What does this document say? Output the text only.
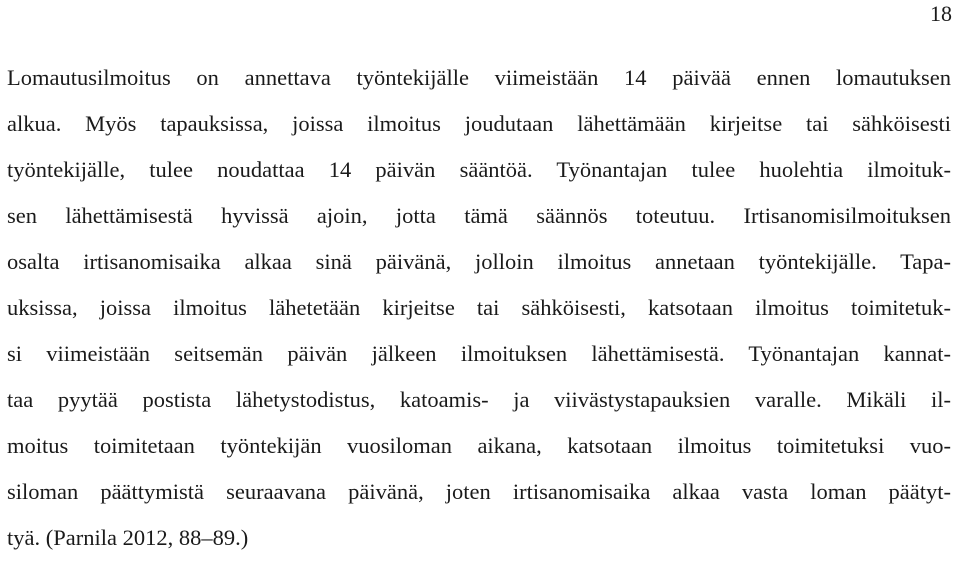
18

Lomautusilmoitus on annettava työntekijälle viimeistään 14 päivää ennen lomautuksen
alkua. Myös tapauksissa, joissa ilmoitus joudutaan lähettämään kirjeitse tai sähköisesti
työntekijälle, tulee noudattaa 14 päivän sääntöä. Työnantajan tulee huolehtia ilmoituk-
sen lähettämisestä hyvissä ajoin, jotta tämä säännös toteutuu. Irtisanomisilmoituksen
osalta irtisanomisaika alkaa sinä päivänä, jolloin ilmoitus annetaan työntekijälle. Tapa-
uksissa, joissa ilmoitus lähetetään kirjeitse tai sähköisesti, katsotaan ilmoitus toimitetuk-
si viimeistään seitsemän päivän jälkeen ilmoituksen lähettämisestä. Työnantajan kannat-
taa pyytää postista lähetystodistus, katoamis- ja viivästystapauksien varalle. Mikäli il-
moitus toimitetaan työntekijän vuosiloman aikana, katsotaan ilmoitus toimitetuksi vuo-
siloman päättymistä seuraavana päivänä, joten irtisanomisaika alkaa vasta loman päätyt-
tyä. (Parnila 2012, 88–89.)
